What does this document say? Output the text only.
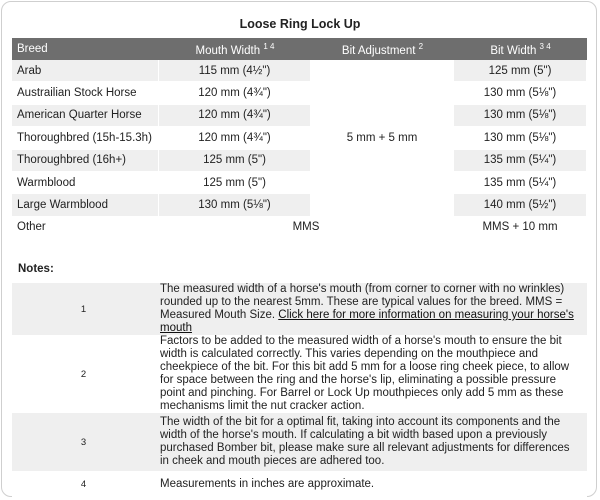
Loose Ring Lock Up
Breed	Mouth Width $^{1 4}$	Bit Adjustment $^2$	Bit Width $^{3 4}$
Arab	115 mm (4½")	5 mm + 5 mm	125 mm (5")
Austrailian Stock Horse	120 mm (4¾")		130 mm (5⅛")
American Quarter Horse	120 mm (4¾")		130 mm (5⅛")
Thoroughbred (15h-15.3h)	120 mm (4¾")		130 mm (5⅛")
Thoroughbred (16h+)	125 mm (5")		135 mm (5¼")
Warmblood	125 mm (5")		135 mm (5¼")
Large Warmblood	130 mm (5⅛")		140 mm (5½")
Other	MMS		MMS + 10 mm
Notes:
1	The measured width of a horse's mouth (from corner to corner with no wrinkles) rounded up to the nearest 5mm. These are typical values for the breed. MMS = Measured Mouth Size. Click here for more information on measuring your horse's mouth
2	Factors to be added to the measured width of a horse's mouth to ensure the bit width is calculated correctly. This varies depending on the mouthpiece and cheekpiece of the bit. For this bit add 5 mm for a loose ring cheek piece, to allow for space between the ring and the horse's lip, eliminating a possible pressure point and pinching. For Barrel or Lock Up mouthpieces only add 5 mm as these mechanisms limit the nut cracker action.
3	The width of the bit for a optimal fit, taking into account its components and the width of the horse's mouth. If calculating a bit width based upon a previously purchased Bomber bit, please make sure all relevant adjustments for differences in cheek and mouth pieces are adhered too.
4	Measurements in inches are approximate.
